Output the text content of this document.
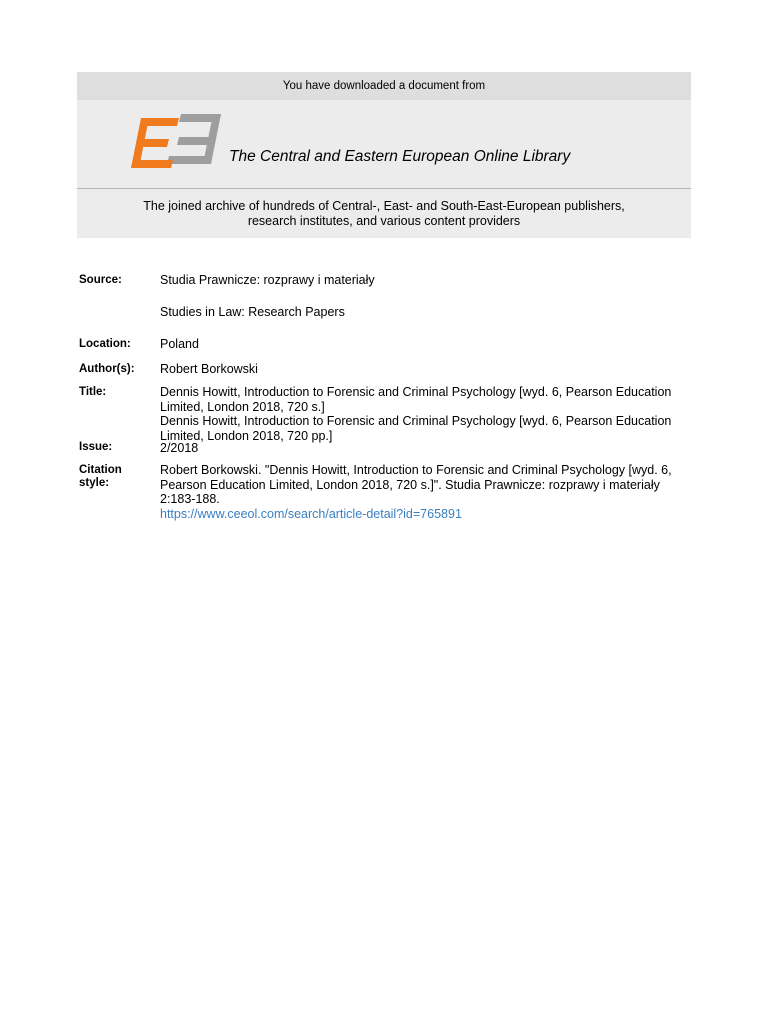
You have downloaded a document from
The Central and Eastern European Online Library
The joined archive of hundreds of Central-, East- and South-East-European publishers,
research institutes, and various content providers
Source:	Studia Prawnicze: rozprawy i materiały
Studies in Law: Research Papers
Location: Poland
Author(s): Robert Borkowski
Title:	Dennis Howitt, Introduction to Forensic and Criminal Psychology [wyd. 6, Pearson Education
Limited, London 2018, 720 s.]
Dennis Howitt, Introduction to Forensic and Criminal Psychology [wyd. 6, Pearson Education
Limited, London 2018, 720 pp.]
Issue:	2/2018
Citation
style:
Robert Borkowski. "Dennis Howitt, Introduction to Forensic and Criminal Psychology [wyd. 6,
Pearson Education Limited, London 2018, 720 s.]". Studia Prawnicze: rozprawy i materiały
2:183-188.
https://www.ceeol.com/search/article-detail?id=765891
